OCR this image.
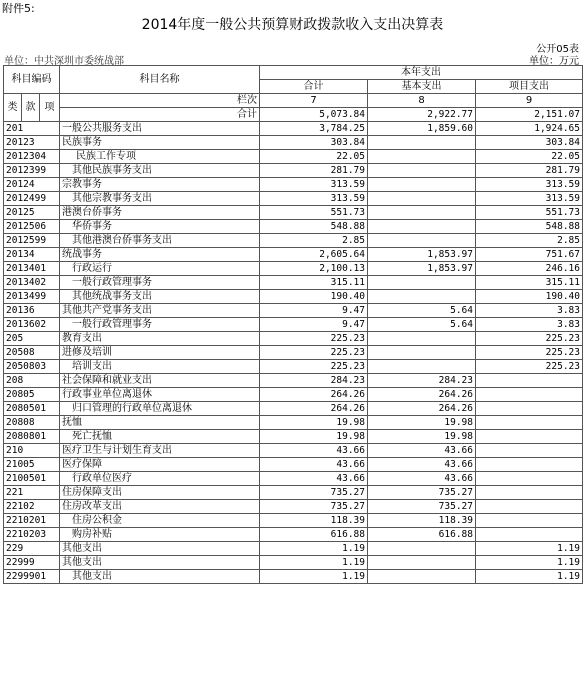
附件5:
2014年度一般公共预算财政拨款收入支出决算表
公开05表
单位：中共深圳市委统战部	单位：万元
科目编码			科目名称	本年支出		
				合计	基本支出	项目支出
类	款	项	栏次	7	8	9
			合计	5,073.84	2,922.77	2,151.07
201			一般公共服务支出	3,784.25	1,859.60	1,924.65
20123			民族事务	303.84		303.84
2012304			民族工作专项	22.05		22.05
2012399			其他民族事务支出	281.79		281.79
20124			宗教事务	313.59		313.59
2012499			其他宗教事务支出	313.59		313.59
20125			港澳台侨事务	551.73		551.73
2012506			华侨事务	548.88		548.88
2012599			其他港澳台侨事务支出	2.85		2.85
20134			统战事务	2,605.64	1,853.97	751.67
2013401			行政运行	2,100.13	1,853.97	246.16
2013402			一般行政管理事务	315.11		315.11
2013499			其他统战事务支出	190.40		190.40
20136			其他共产党事务支出	9.47	5.64	3.83
2013602			一般行政管理事务	9.47	5.64	3.83
205			教育支出	225.23		225.23
20508			进修及培训	225.23		225.23
2050803			培训支出	225.23		225.23
208			社会保障和就业支出	284.23	284.23	
20805			行政事业单位离退休	264.26	264.26	
2080501			归口管理的行政单位离退休	264.26	264.26	
20808			抚恤	19.98	19.98	
2080801			死亡抚恤	19.98	19.98	
210			医疗卫生与计划生育支出	43.66	43.66	
21005			医疗保障	43.66	43.66	
2100501			行政单位医疗	43.66	43.66	
221			住房保障支出	735.27	735.27	
22102			住房改革支出	735.27	735.27	
2210201			住房公积金	118.39	118.39	
2210203			购房补贴	616.88	616.88	
229			其他支出	1.19		1.19
22999			其他支出	1.19		1.19
2299901			其他支出	1.19		1.19
